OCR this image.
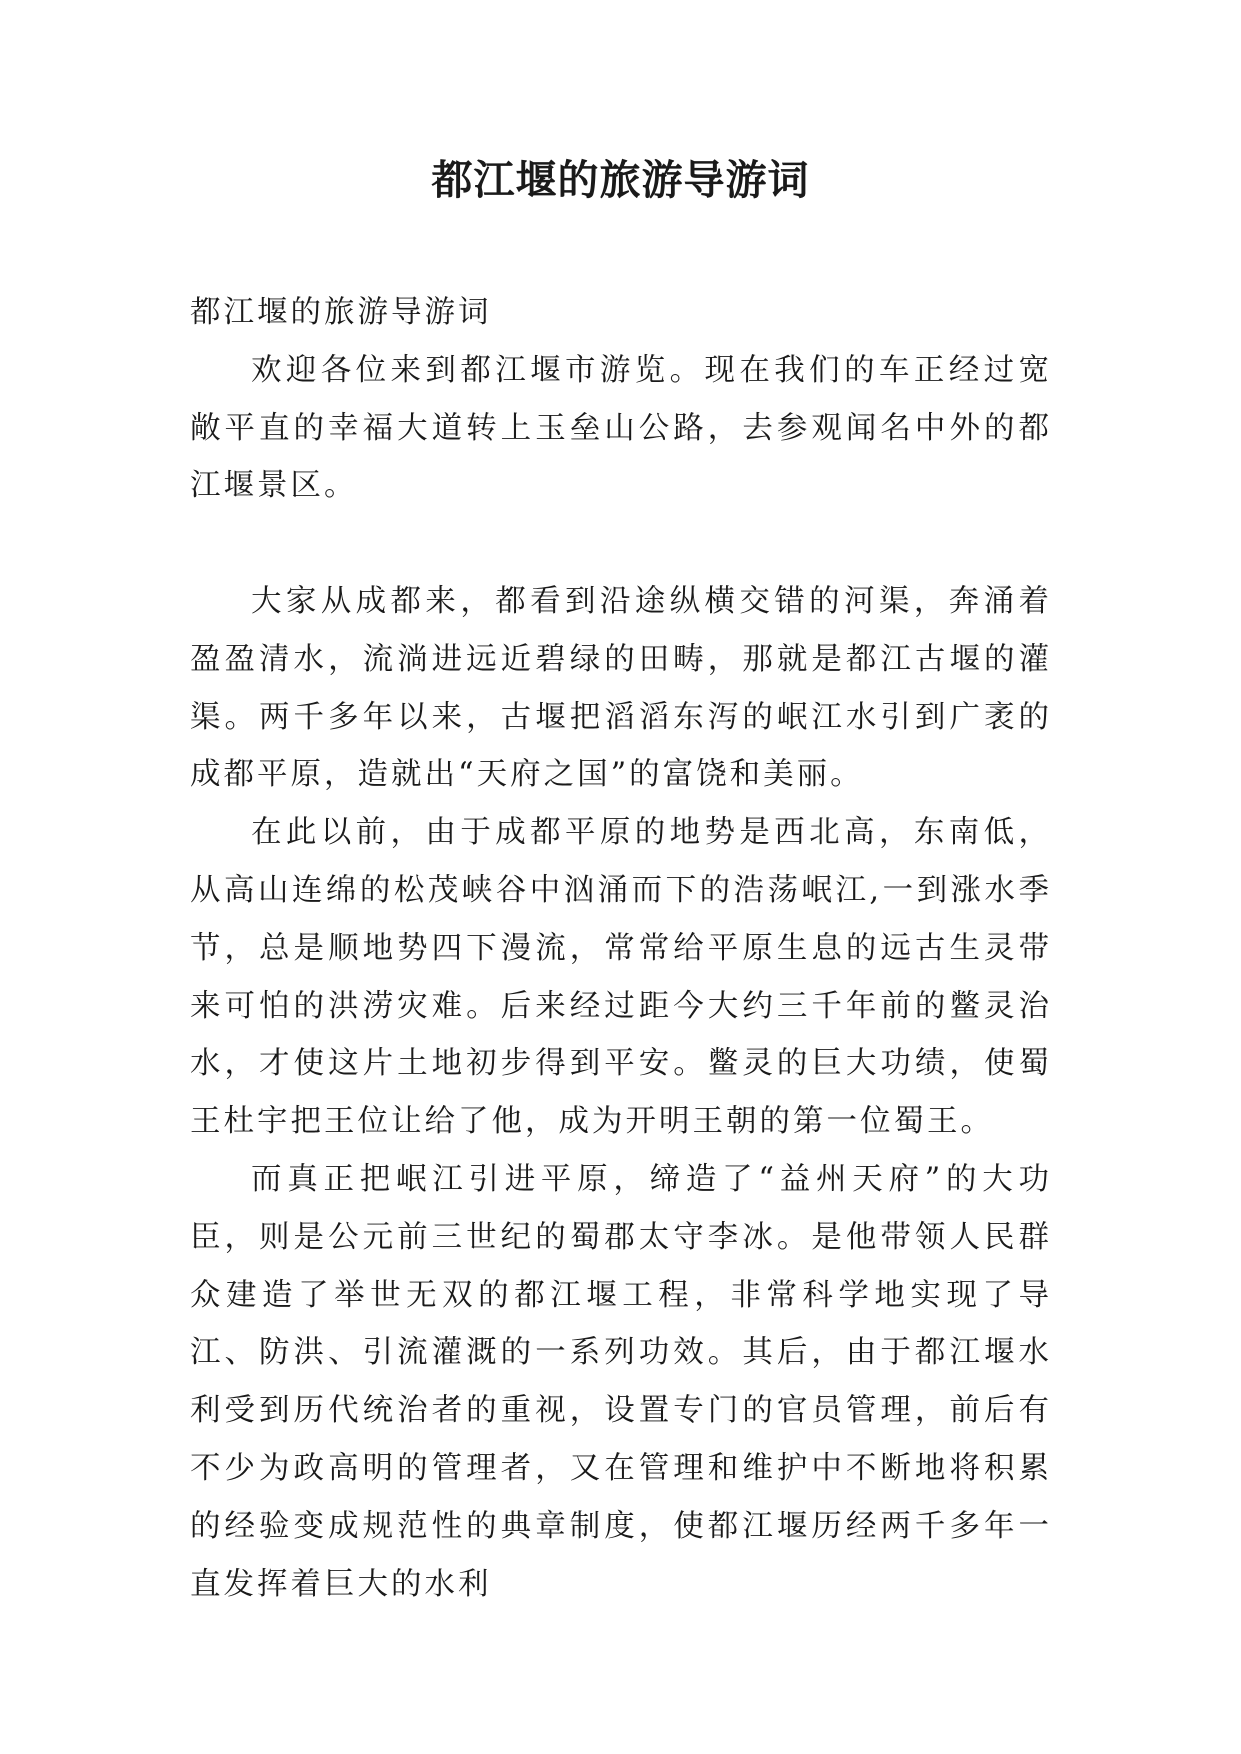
都江堰的旅游导游词

都江堰的旅游导游词

欢迎各位来到都江堰市游览。现在我们的车正经过宽敞平直的幸福大道转上玉垒山公路，去参观闻名中外的都江堰景区。

大家从成都来，都看到沿途纵横交错的河渠，奔涌着盈盈清水，流淌进远近碧绿的田畴，那就是都江古堰的灌渠。两千多年以来，古堰把滔滔东泻的岷江水引到广袤的成都平原，造就出“天府之国”的富饶和美丽。

在此以前，由于成都平原的地势是西北高，东南低，从高山连绵的松茂峡谷中汹涌而下的浩荡岷江,一到涨水季节，总是顺地势四下漫流，常常给平原生息的远古生灵带来可怕的洪涝灾难。后来经过距今大约三千年前的鳖灵治水，才使这片土地初步得到平安。鳖灵的巨大功绩，使蜀王杜宇把王位让给了他，成为开明王朝的第一位蜀王。

而真正把岷江引进平原，缔造了“益州天府”的大功臣，则是公元前三世纪的蜀郡太守李冰。是他带领人民群众建造了举世无双的都江堰工程，非常科学地实现了导江、防洪、引流灌溉的一系列功效。其后，由于都江堰水利受到历代统治者的重视，设置专门的官员管理，前后有不少为政高明的管理者，又在管理和维护中不断地将积累的经验变成规范性的典章制度，使都江堰历经两千多年一直发挥着巨大的水利
